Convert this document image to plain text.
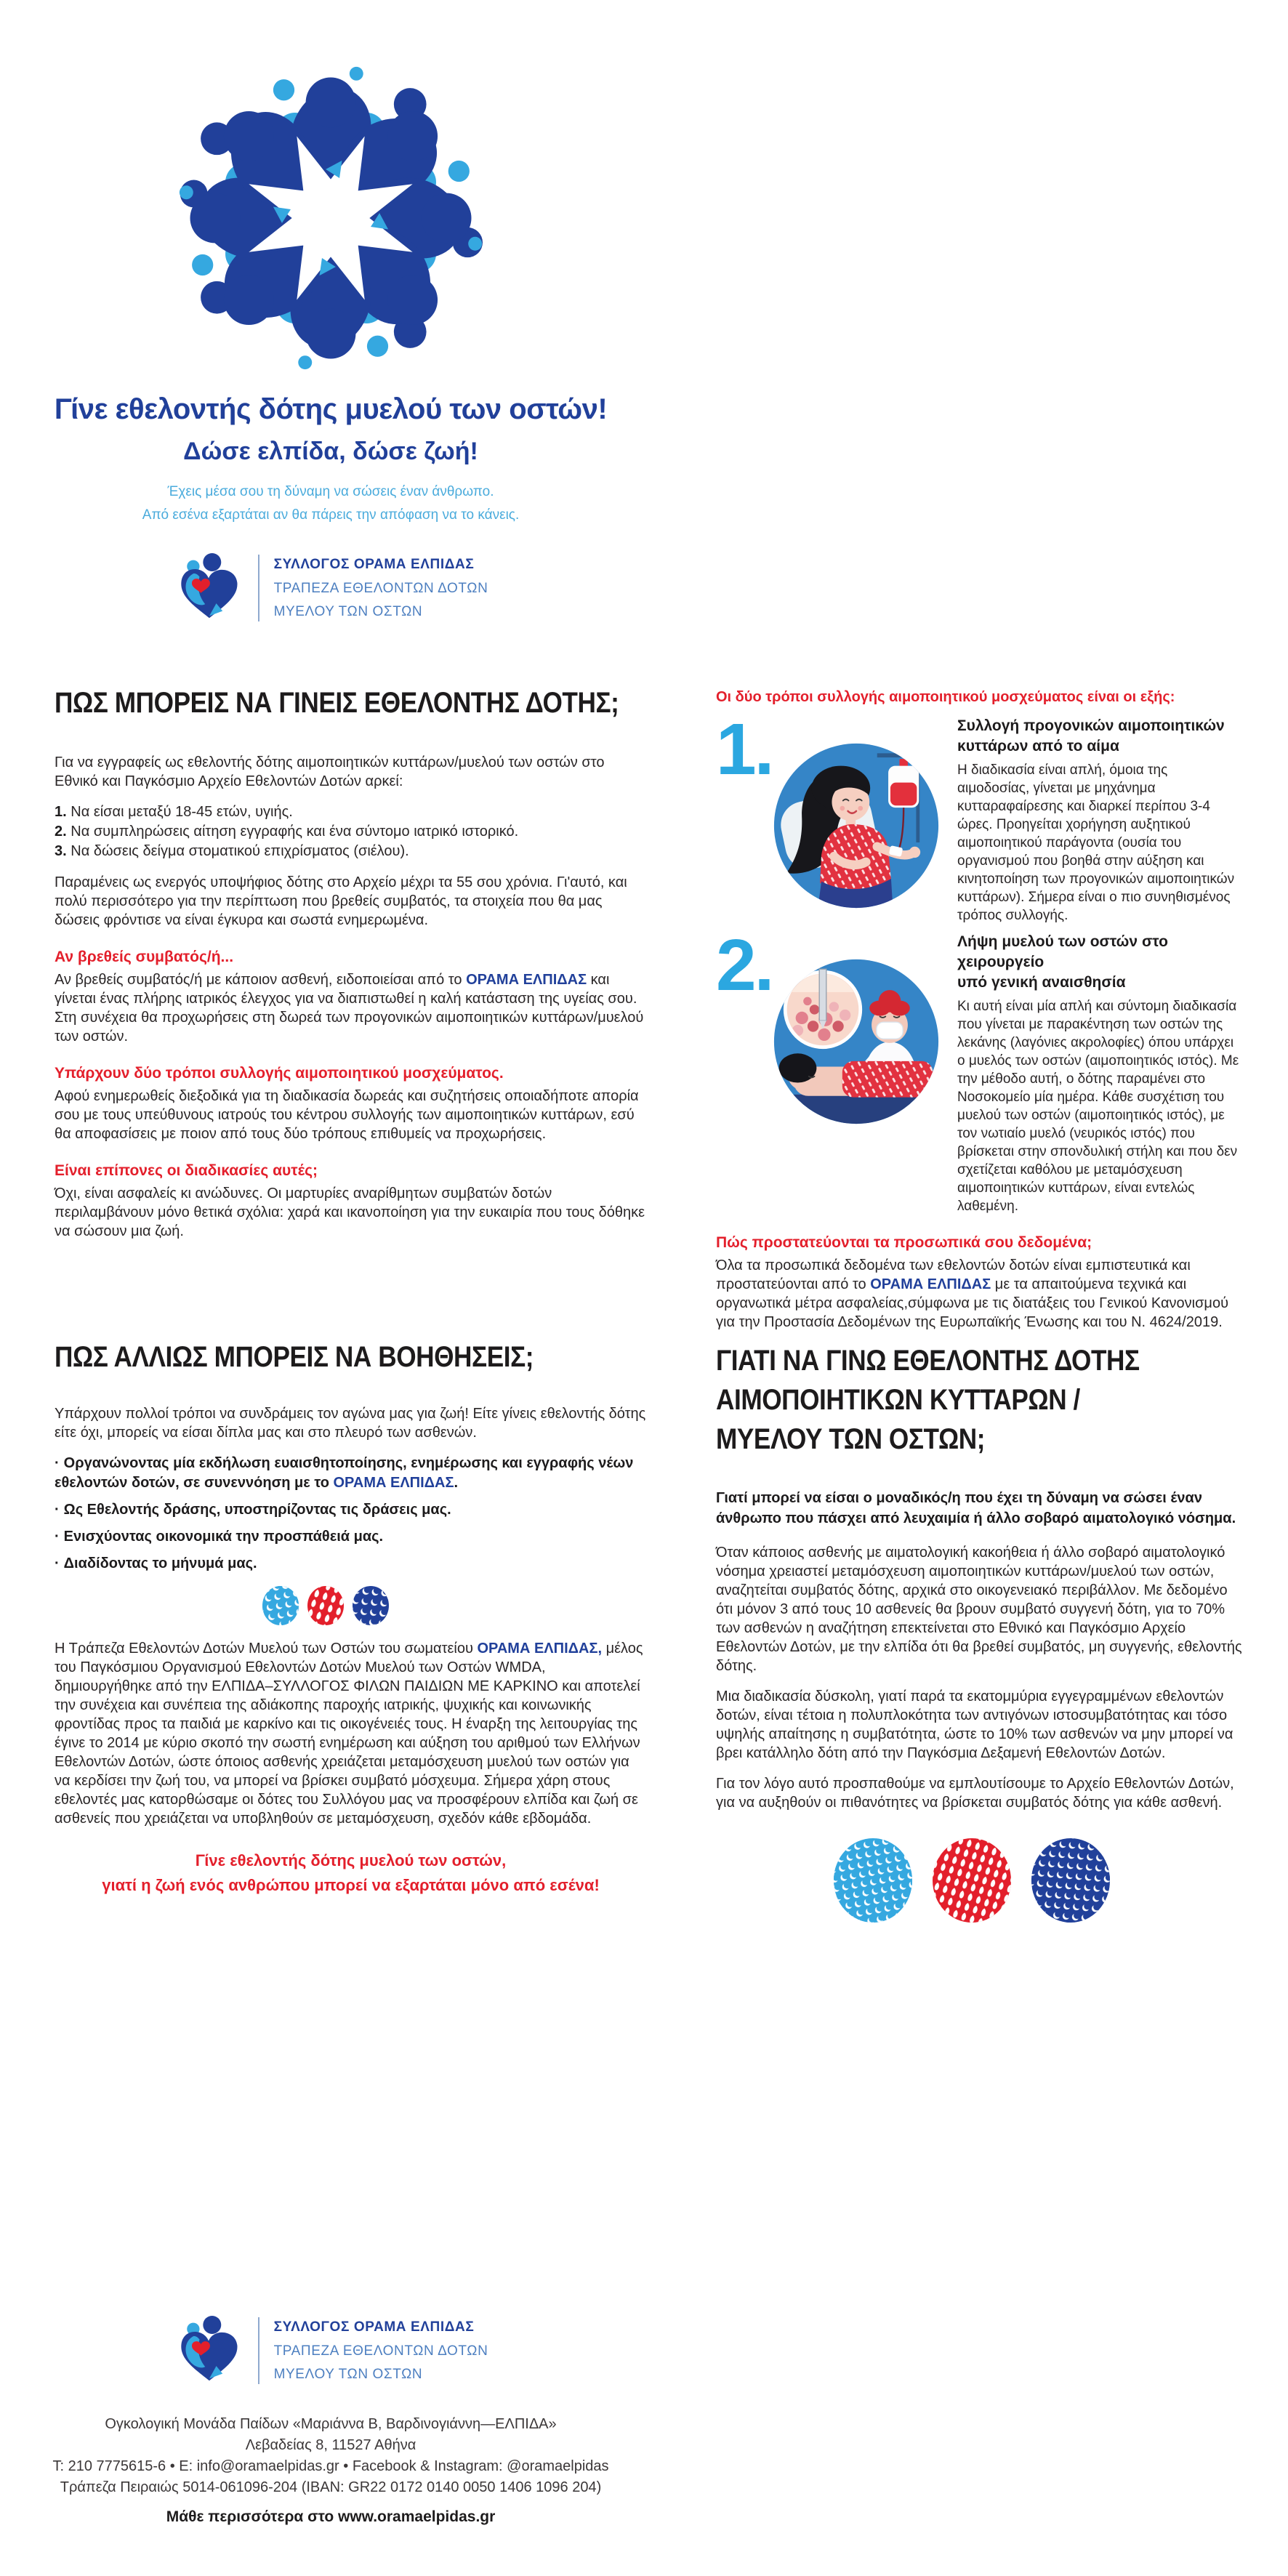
Γίνε εθελοντής δότης μυελού των οστών!
Δώσε ελπίδα, δώσε ζωή!
Έχεις μέσα σου τη δύναμη να σώσεις έναν άνθρωπο.
Από εσένα εξαρτάται αν θα πάρεις την απόφαση να το κάνεις.
ΣΥΛΛΟΓΟΣ ΟΡΑΜΑ ΕΛΠΙΔΑΣ
ΤΡΑΠΕΖΑ ΕΘΕΛΟΝΤΩΝ ΔΟΤΩΝ
ΜΥΕΛΟΥ ΤΩΝ ΟΣΤΩΝ
ΠΩΣ ΜΠΟΡΕΙΣ ΝΑ ΓΙΝΕΙΣ ΕΘΕΛΟΝΤΗΣ ΔΟΤΗΣ;

Για να εγγραφείς ως εθελοντής δότης αιμοποιητικών κυττάρων/μυελού των οστών στο Εθνικό και Παγκόσμιο Αρχείο Εθελοντών Δοτών αρκεί:

1. Να είσαι μεταξύ 18-45 ετών, υγιής.
2. Να συμπληρώσεις αίτηση εγγραφής και ένα σύντομο ιατρικό ιστορικό.
3. Να δώσεις δείγμα στοματικού επιχρίσματος (σιέλου).

Παραμένεις ως ενεργός υποψήφιος δότης στο Αρχείο μέχρι τα 55 σου χρόνια. Γι'αυτό, και πολύ περισσότερο για την περίπτωση που βρεθείς συμβατός, τα στοιχεία που θα μας δώσεις φρόντισε να είναι έγκυρα και σωστά ενημερωμένα.

Αν βρεθείς συμβατός/ή...

Αν βρεθείς συμβατός/ή με κάποιον ασθενή, ειδοποιείσαι από το ΟΡΑΜΑ ΕΛΠΙΔΑΣ και γίνεται ένας πλήρης ιατρικός έλεγχος για να διαπιστωθεί η καλή κατάσταση της υγείας σου. Στη συνέχεια θα προχωρήσεις στη δωρεά των προγονικών αιμοποιητικών κυττάρων/μυελού των οστών.

Υπάρχουν δύο τρόποι συλλογής αιμοποιητικού μοσχεύματος.

Αφού ενημερωθείς διεξοδικά για τη διαδικασία δωρεάς και συζητήσεις οποιαδήποτε απορία σου με τους υπεύθυνους ιατρούς του κέντρου συλλογής των αιμοποιητικών κυττάρων, εσύ θα αποφασίσεις με ποιον από τους δύο τρόπους επιθυμείς να προχωρήσεις.

Είναι επίπονες οι διαδικασίες αυτές;

Όχι, είναι ασφαλείς κι ανώδυνες. Οι μαρτυρίες αναρίθμητων συμβατών δοτών περιλαμβάνουν μόνο θετικά σχόλια: χαρά και ικανοποίηση για την ευκαιρία που τους δόθηκε να σώσουν μια ζωή.

Οι δύο τρόποι συλλογής αιμοποιητικού μοσχεύματος είναι οι εξής:
1.	Συλλογή προγονικών αιμοποιητικών
κυττάρων από το αίμα
Η διαδικασία είναι απλή, όμοια της αιμοδοσίας, γίνεται με μηχάνημα κυτταραφαίρεσης και διαρκεί περίπου 3-4 ώρες. Προηγείται χορήγηση αυξητικού αιμοποιητικού παράγοντα (ουσία του οργανισμού που βοηθά στην αύξηση και κινητοποίηση των προγονικών αιμοποιητικών κυττάρων). Σήμερα είναι ο πιο συνηθισμένος τρόπος συλλογής.
2.	Λήψη μυελού των οστών στο χειρουργείο
υπό γενική αναισθησία
Κι αυτή είναι μία απλή και σύντομη διαδικασία που γίνεται με παρακέντηση των οστών της λεκάνης (λαγόνιες ακρολοφίες) όπου υπάρχει ο μυελός των οστών (αιμοποιητικός ιστός). Με την μέθοδο αυτή, ο δότης παραμένει στο Νοσοκομείο μία ημέρα. Κάθε συσχέτιση του μυελού των οστών (αιμοποιητικός ιστός), με τον νωτιαίο μυελό (νευρικός ιστός) που βρίσκεται στην σπονδυλική στήλη και που δεν σχετίζεται καθόλου με μεταμόσχευση αιμοποιητικών κυττάρων, είναι εντελώς λαθεμένη.
Πώς προστατεύονται τα προσωπικά σου δεδομένα;

Όλα τα προσωπικά δεδομένα των εθελοντών δοτών είναι εμπιστευτικά και προστατεύονται από το ΟΡΑΜΑ ΕΛΠΙΔΑΣ με τα απαιτούμενα τεχνικά και οργανωτικά μέτρα ασφαλείας,σύμφωνα με τις διατάξεις του Γενικού Κανονισμού για την Προστασία Δεδομένων της Ευρωπαϊκής Ένωσης και του Ν. 4624/2019.

ΠΩΣ ΑΛΛΙΩΣ ΜΠΟΡΕΙΣ ΝΑ ΒΟΗΘΗΣΕΙΣ;

Υπάρχουν πολλοί τρόποι να συνδράμεις τον αγώνα μας για ζωή! Είτε γίνεις εθελοντής δότης είτε όχι, μπορείς να είσαι δίπλα μας και στο πλευρό των ασθενών.

· Οργανώνοντας μία εκδήλωση ευαισθητοποίησης, ενημέρωσης και εγγραφής νέων εθελοντών δοτών, σε συνεννόηση με το ΟΡΑΜΑ ΕΛΠΙΔΑΣ.
· Ως Εθελοντής δράσης, υποστηρίζοντας τις δράσεις μας.
· Ενισχύοντας οικονομικά την προσπάθειά μας.
· Διαδίδοντας το μήνυμά μας.

Η Τράπεζα Εθελοντών Δοτών Μυελού των Οστών του σωματείου ΟΡΑΜΑ ΕΛΠΙΔΑΣ, μέλος του Παγκόσμιου Οργανισμού Εθελοντών Δοτών Μυελού των Οστών WMDA, δημιουργήθηκε από την ΕΛΠΙΔΑ–ΣΥΛΛΟΓΟΣ ΦΙΛΩΝ ΠΑΙΔΙΩΝ ΜΕ ΚΑΡΚΙΝΟ και αποτελεί την συνέχεια και συνέπεια της αδιάκοπης παροχής ιατρικής, ψυχικής και κοινωνικής φροντίδας προς τα παιδιά με καρκίνο και τις οικογένειές τους. Η έναρξη της λειτουργίας της έγινε το 2014 με κύριο σκοπό την σωστή ενημέρωση και αύξηση του αριθμού των Ελλήνων Εθελοντών Δοτών, ώστε όποιος ασθενής χρειάζεται μεταμόσχευση μυελού των οστών για να κερδίσει την ζωή του, να μπορεί να βρίσκει συμβατό μόσχευμα. Σήμερα χάρη στους εθελοντές μας κατορθώσαμε οι δότες του Συλλόγου μας να προσφέρουν ελπίδα και ζωή σε ασθενείς που χρειάζεται να υποβληθούν σε μεταμόσχευση, σχεδόν κάθε εβδομάδα.

Γίνε εθελοντής δότης μυελού των οστών,
γιατί η ζωή ενός ανθρώπου μπορεί να εξαρτάται μόνο από εσένα!
ΓΙΑΤΙ ΝΑ ΓΙΝΩ ΕΘΕΛΟΝΤΗΣ ΔΟΤΗΣ
ΑΙΜΟΠΟΙΗΤΙΚΩΝ ΚΥΤΤΑΡΩΝ /
ΜΥΕΛΟΥ ΤΩΝ ΟΣΤΩΝ;

Γιατί μπορεί να είσαι ο μοναδικός/η που έχει τη δύναμη να σώσει έναν άνθρωπο που πάσχει από λευχαιμία ή άλλο σοβαρό αιματολογικό νόσημα.

Όταν κάποιος ασθενής με αιματολογική κακοήθεια ή άλλο σοβαρό αιματολογικό νόσημα χρειαστεί μεταμόσχευση αιμοποιητικών κυττάρων/μυελού των οστών, αναζητείται συμβατός δότης, αρχικά στο οικογενειακό περιβάλλον. Με δεδομένο ότι μόνον 3 από τους 10 ασθενείς θα βρουν συμβατό συγγενή δότη, για το 70% των ασθενών η αναζήτηση επεκτείνεται στο Εθνικό και Παγκόσμιο Αρχείο Εθελοντών Δοτών, με την ελπίδα ότι θα βρεθεί συμβατός, μη συγγενής, εθελοντής δότης.

Μια διαδικασία δύσκολη, γιατί παρά τα εκατομμύρια εγγεγραμμένων εθελοντών δοτών, είναι τέτοια η πολυπλοκότητα των αντιγόνων ιστοσυμβατότητας και τόσο υψηλής απαίτησης η συμβατότητα, ώστε το 10% των ασθενών να μην μπορεί να βρει κατάλληλο δότη από την Παγκόσμια Δεξαμενή Εθελοντών Δοτών.

Για τον λόγο αυτό προσπαθούμε να εμπλουτίσουμε το Αρχείο Εθελοντών Δοτών, για να αυξηθούν οι πιθανότητες να βρίσκεται συμβατός δότης για κάθε ασθενή.

ΣΥΛΛΟΓΟΣ ΟΡΑΜΑ ΕΛΠΙΔΑΣ
ΤΡΑΠΕΖΑ ΕΘΕΛΟΝΤΩΝ ΔΟΤΩΝ
ΜΥΕΛΟΥ ΤΩΝ ΟΣΤΩΝ
Ογκολογική Μονάδα Παίδων «Μαριάννα Β, Βαρδινογιάννη—ΕΛΠΙΔΑ»
Λεβαδείας 8, 11527 Αθήνα
T: 210 7775615-6 • E: info@oramaelpidas.gr • Facebook & Instagram: @oramaelpidas
Τράπεζα Πειραιώς 5014-061096-204 (IBAN: GR22 0172 0140 0050 1406 1096 204)
Μάθε περισσότερα στο www.oramaelpidas.gr
